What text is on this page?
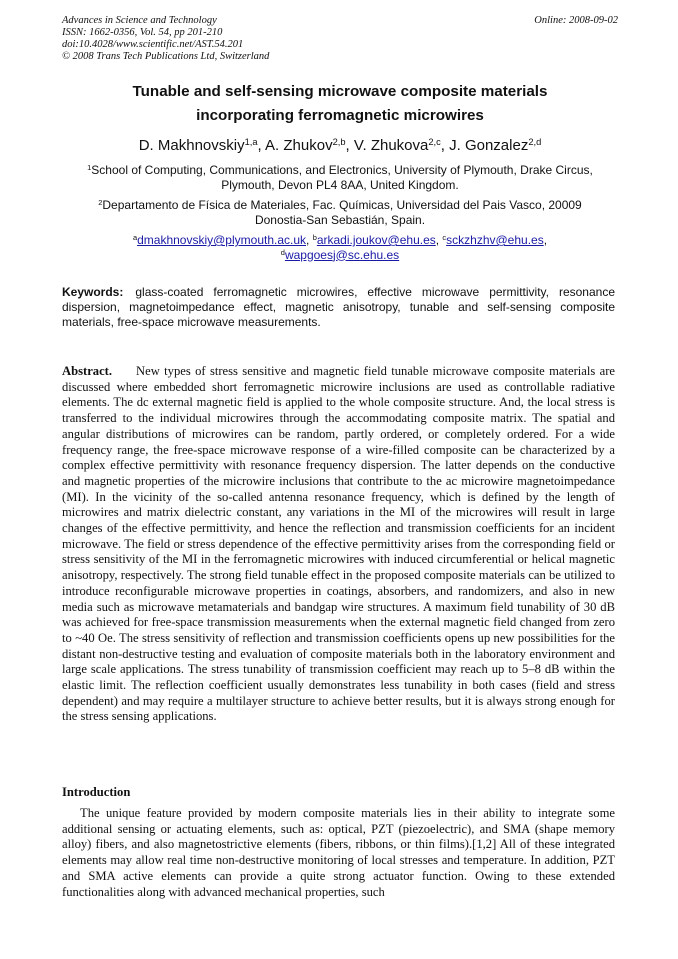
Advances in Science and Technology
ISSN: 1662-0356, Vol. 54, pp 201-210
doi:10.4028/www.scientific.net/AST.54.201
© 2008 Trans Tech Publications Ltd, Switzerland
Online: 2008-09-02
Tunable and self-sensing microwave composite materials
incorporating ferromagnetic microwires
D. Makhnovskiy$^{1,a}$, A. Zhukov$^{2,b}$, V. Zhukova$^{2,c}$, J. Gonzalez$^{2,d}$
$^1$School of Computing, Communications, and Electronics, University of Plymouth, Drake Circus,
Plymouth, Devon PL4 8AA, United Kingdom.
$^2$Departamento de Física de Materiales, Fac. Químicas, Universidad del Pais Vasco, 20009
Donostia-San Sebastián, Spain.
$^a$dmakhnovskiy@plymouth.ac.uk, $^b$arkadi.joukov@ehu.es, $^c$sckzhzhv@ehu.es,
$^d$wapgoesj@sc.ehu.es
Keywords: glass-coated ferromagnetic microwires, effective microwave permittivity, resonance dispersion, magnetoimpedance effect, magnetic anisotropy, tunable and self-sensing composite materials, free-space microwave measurements.
Abstract. New types of stress sensitive and magnetic field tunable microwave composite materials are discussed where embedded short ferromagnetic microwire inclusions are used as controllable radiative elements. The dc external magnetic field is applied to the whole composite structure. And, the local stress is transferred to the individual microwires through the accommodating composite matrix. The spatial and angular distributions of microwires can be random, partly ordered, or completely ordered. For a wide frequency range, the free-space microwave response of a wire-filled composite can be characterized by a complex effective permittivity with resonance frequency dispersion. The latter depends on the conductive and magnetic properties of the microwire inclusions that contribute to the ac microwire magnetoimpedance (MI). In the vicinity of the so-called antenna resonance frequency, which is defined by the length of microwires and matrix dielectric constant, any variations in the MI of the microwires will result in large changes of the effective permittivity, and hence the reflection and transmission coefficients for an incident microwave. The field or stress dependence of the effective permittivity arises from the corresponding field or stress sensitivity of the MI in the ferromagnetic microwires with induced circumferential or helical magnetic anisotropy, respectively. The strong field tunable effect in the proposed composite materials can be utilized to introduce reconfigurable microwave properties in coatings, absorbers, and randomizers, and also in new media such as microwave metamaterials and bandgap wire structures. A maximum field tunability of 30 dB was achieved for free-space transmission measurements when the external magnetic field changed from zero to ~40 Oe. The stress sensitivity of reflection and transmission coefficients opens up new possibilities for the distant non-destructive testing and evaluation of composite materials both in the laboratory environment and large scale applications. The stress tunability of transmission coefficient may reach up to 5–8 dB within the elastic limit. The reflection coefficient usually demonstrates less tunability in both cases (field and stress dependent) and may require a multilayer structure to achieve better results, but it is always strong enough for the stress sensing applications.
Introduction
The unique feature provided by modern composite materials lies in their ability to integrate some additional sensing or actuating elements, such as: optical, PZT (piezoelectric), and SMA (shape memory alloy) fibers, and also magnetostrictive elements (fibers, ribbons, or thin films).[1,2] All of these integrated elements may allow real time non-destructive monitoring of local stresses and temperature. In addition, PZT and SMA active elements can provide a quite strong actuator function. Owing to these extended functionalities along with advanced mechanical properties, such
